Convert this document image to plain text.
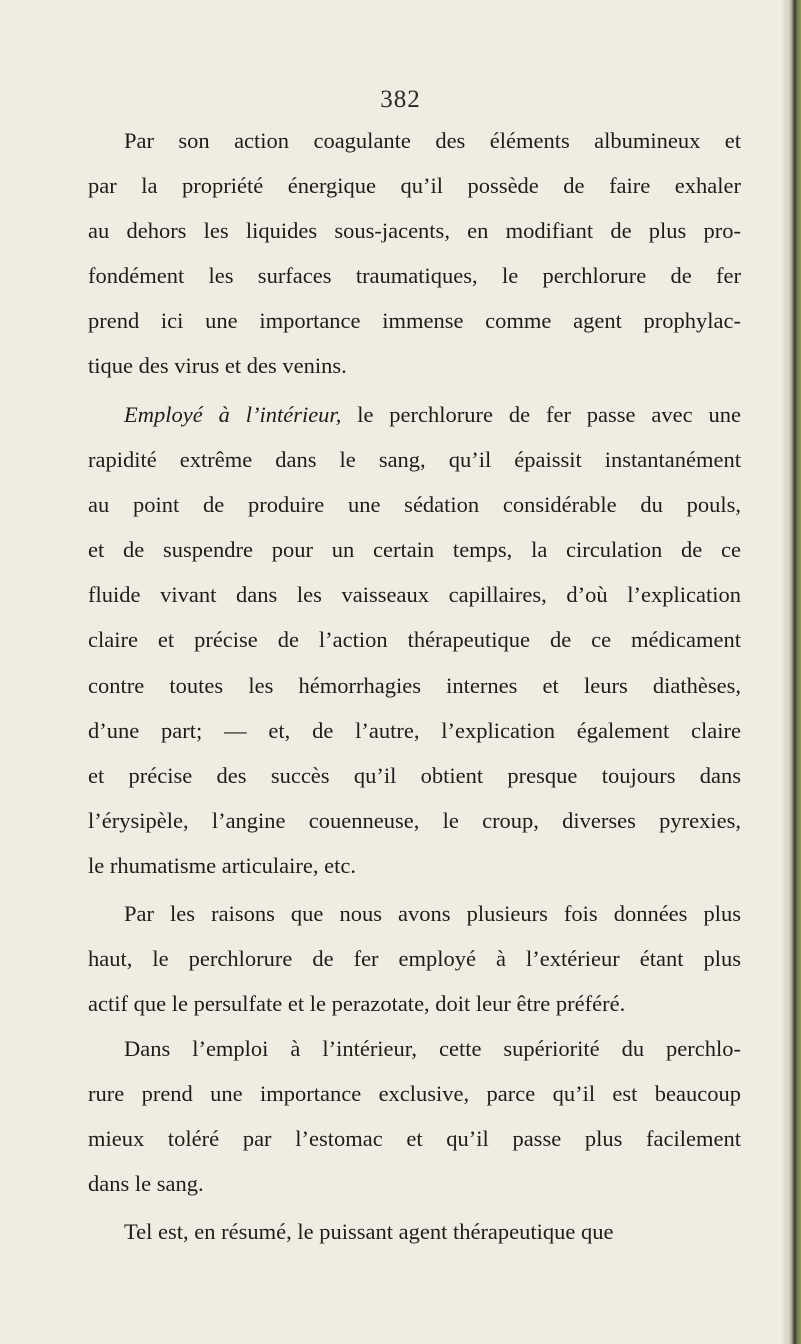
382
Par son action coagulante des éléments albumineux et
par la propriété énergique qu’il possède de faire exhaler
au dehors les liquides sous-jacents, en modifiant de plus pro-
fondément les surfaces traumatiques, le perchlorure de fer
prend ici une importance immense comme agent prophylac-
tique des virus et des venins.
Employé à l’intérieur, le perchlorure de fer passe avec une
rapidité extrême dans le sang, qu’il épaissit instantanément
au point de produire une sédation considérable du pouls,
et de suspendre pour un certain temps, la circulation de ce
fluide vivant dans les vaisseaux capillaires, d’où l’explication
claire et précise de l’action thérapeutique de ce médicament
contre toutes les hémorrhagies internes et leurs diathèses,
d’une part; — et, de l’autre, l’explication également claire
et précise des succès qu’il obtient presque toujours dans
l’érysipèle, l’angine couenneuse, le croup, diverses pyrexies,
le rhumatisme articulaire, etc.
Par les raisons que nous avons plusieurs fois données plus
haut, le perchlorure de fer employé à l’extérieur étant plus
actif que le persulfate et le perazotate, doit leur être préféré.
Dans l’emploi à l’intérieur, cette supériorité du perchlo-
rure prend une importance exclusive, parce qu’il est beaucoup
mieux toléré par l’estomac et qu’il passe plus facilement
dans le sang.
Tel est, en résumé, le puissant agent thérapeutique que
